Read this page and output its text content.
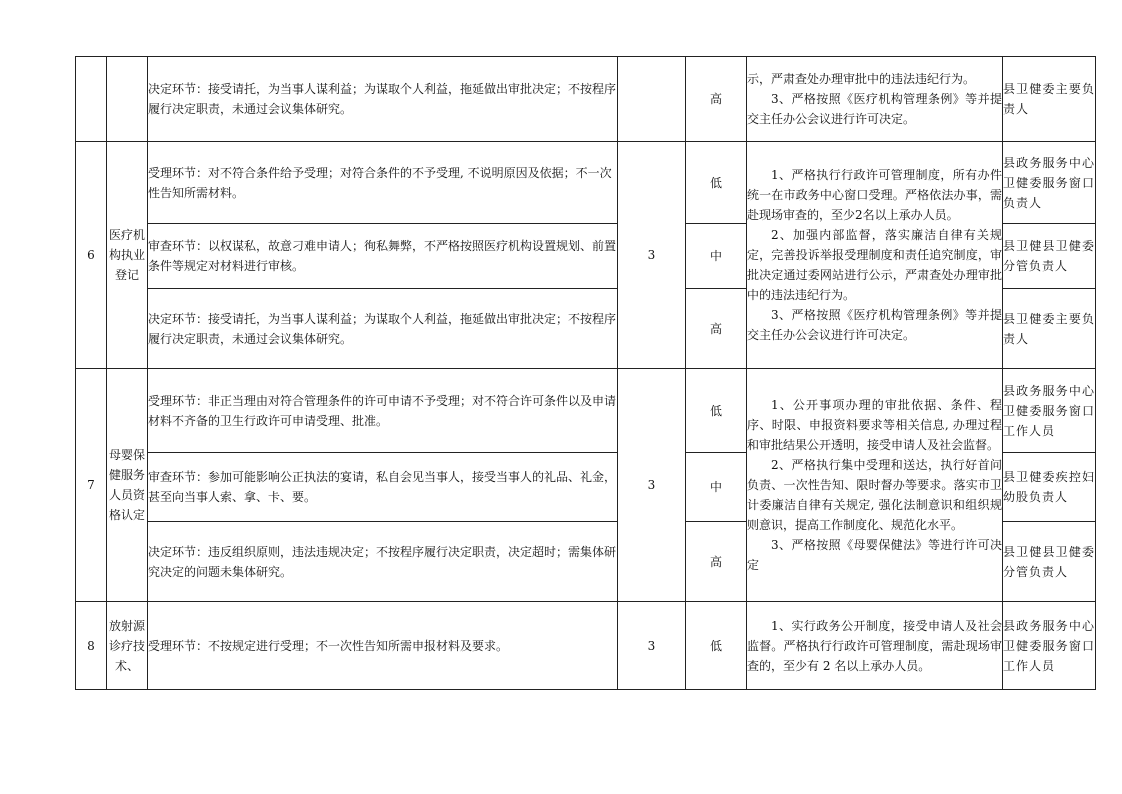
		决定环节：接受请托，为当事人谋利益；为谋取个人利益，拖延做出审批决定；不按程序履行决定职责，未通过会议集体研究。		高	示，严肃查处办理审批中的违法违纪行为。

3、严格按照《医疗机构管理条例》等并提交主任办公会议进行许可决定。	县卫健委主要负责人
6	医疗机构执业登记	受理环节：对不符合条件给予受理；对符合条件的不予受理, 不说明原因及依据；不一次性告知所需材料。	3	低	1、严格执行行政许可管理制度，所有办件统一在市政务中心窗口受理。严格依法办事，需赴现场审查的，至少2名以上承办人员。

2、加强内部监督，落实廉洁自律有关规定，完善投诉举报受理制度和责任追究制度，审批决定通过委网站进行公示，严肃查处办理审批中的违法违纪行为。

3、严格按照《医疗机构管理条例》等并提交主任办公会议进行许可决定。	县政务服务中心卫健委服务窗口负责人
		审查环节：以权谋私，故意刁难申请人；徇私舞弊，不严格按照医疗机构设置规划、前置条件等规定对材料进行审核。		中		县卫健县卫健委分管负责人
		决定环节：接受请托，为当事人谋利益；为谋取个人利益，拖延做出审批决定；不按程序履行决定职责，未通过会议集体研究。		高		县卫健委主要负责人
7	母婴保健服务人员资格认定	受理环节：非正当理由对符合管理条件的许可申请不予受理；对不符合许可条件以及申请材料不齐备的卫生行政许可申请受理、批准。	3	低	1、公开事项办理的审批依据、条件、程序、时限、申报资料要求等相关信息, 办理过程和审批结果公开透明，接受申请人及社会监督。

2、严格执行集中受理和送达，执行好首问负责、一次性告知、限时督办等要求。落实市卫计委廉洁自律有关规定, 强化法制意识和组织规则意识，提高工作制度化、规范化水平。

3、严格按照《母婴保健法》等进行许可决定	县政务服务中心卫健委服务窗口工作人员
		审查环节：参加可能影响公正执法的宴请，私自会见当事人，接受当事人的礼品、礼金，甚至向当事人索、拿、卡、要。		中		县卫健委疾控妇幼股负责人
		决定环节：违反组织原则，违法违规决定；不按程序履行决定职责，决定超时；需集体研究决定的问题未集体研究。		高		县卫健县卫健委分管负责人
8	放射源诊疗技术、	受理环节：不按规定进行受理；不一次性告知所需申报材料及要求。	3	低	1、实行政务公开制度，接受申请人及社会监督。严格执行行政许可管理制度，需赴现场审查的，至少有 2 名以上承办人员。	县政务服务中心卫健委服务窗口工作人员
